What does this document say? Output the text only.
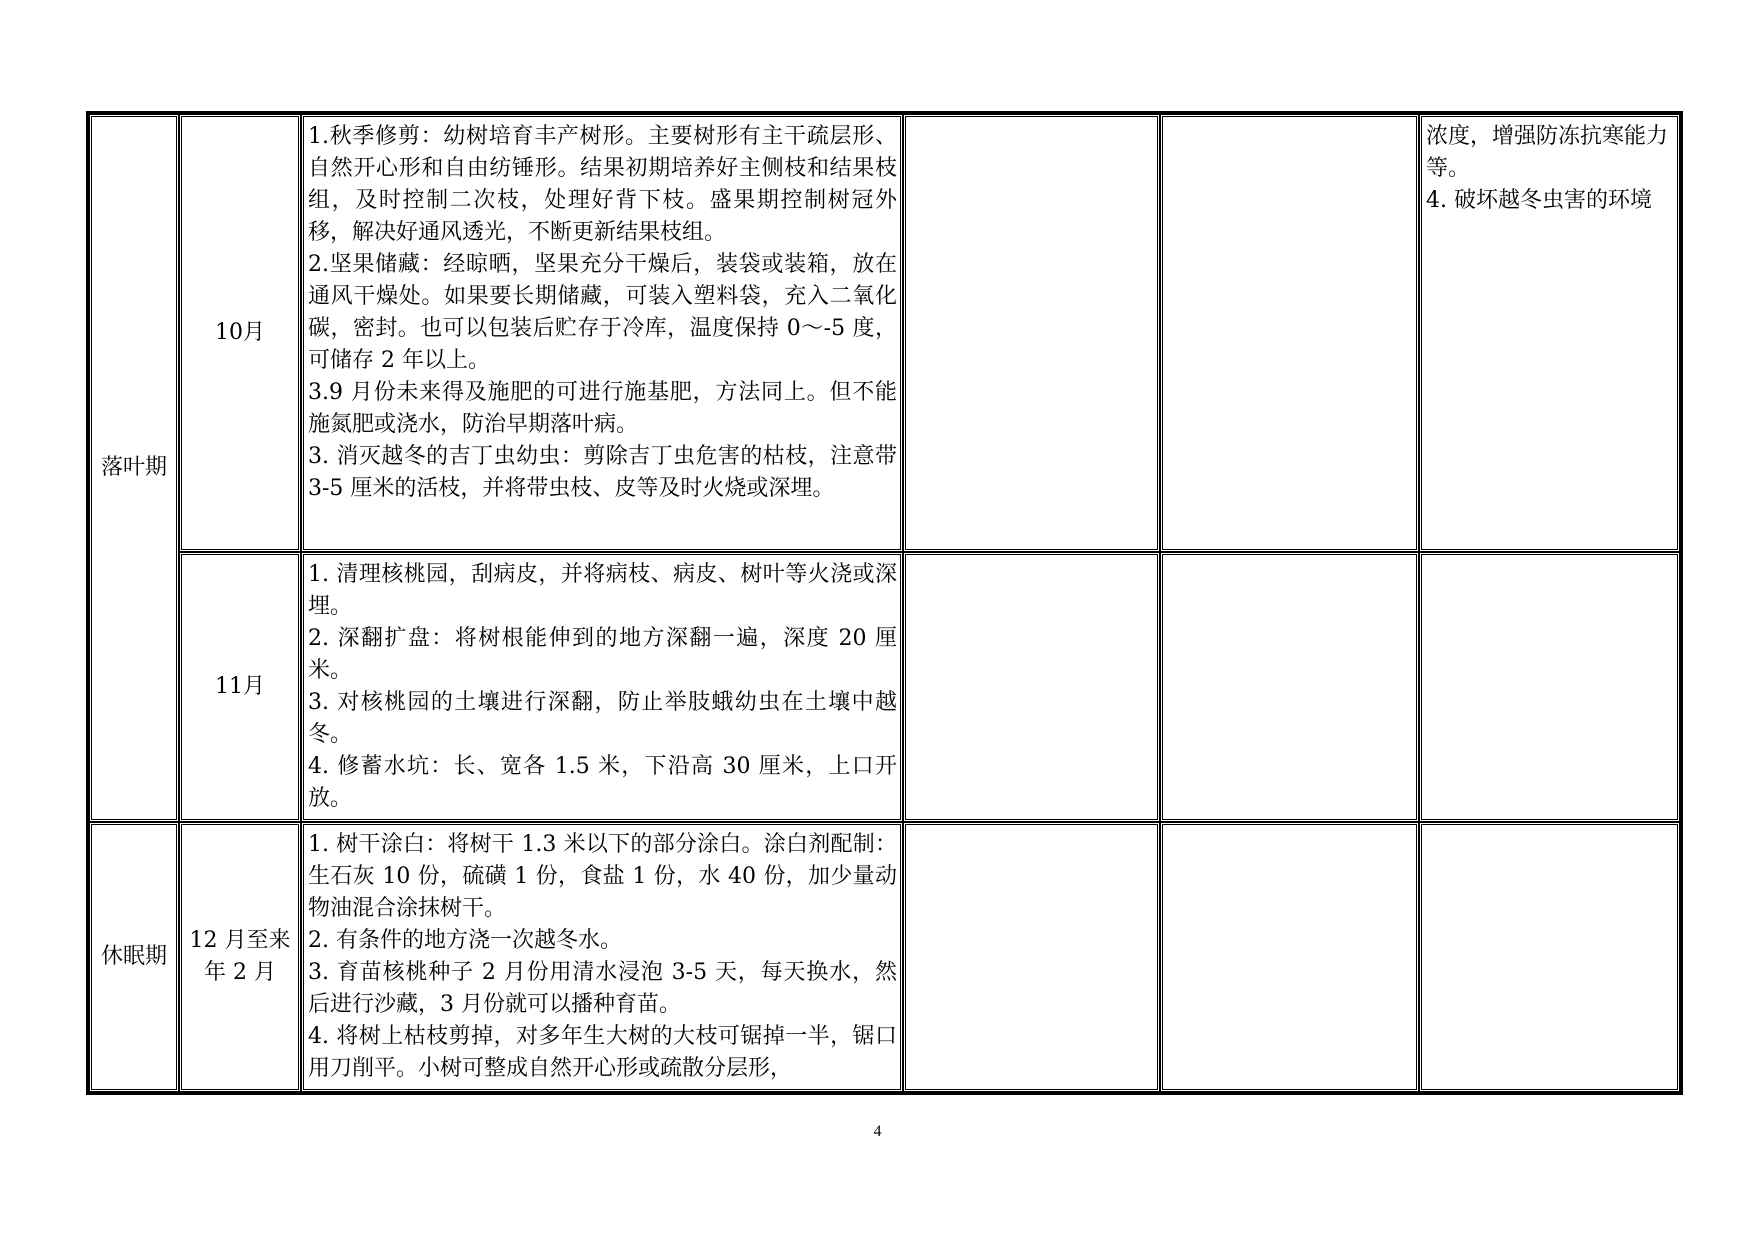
落叶期	10月	1.秋季修剪：幼树培育丰产树形。主要树形有主干疏层形、自然开心形和自由纺锤形。结果初期培养好主侧枝和结果枝组，及时控制二次枝，处理好背下枝。盛果期控制树冠外移，解决好通风透光，不断更新结果枝组。
2.坚果储藏：经晾晒，坚果充分干燥后，装袋或装箱，放在通风干燥处。如果要长期储藏，可装入塑料袋，充入二氧化碳，密封。也可以包装后贮存于冷库，温度保持 0～-5 度，可储存 2 年以上。
3.9 月份未来得及施肥的可进行施基肥，方法同上。但不能施氮肥或浇水，防治早期落叶病。
3. 消灭越冬的吉丁虫幼虫：剪除吉丁虫危害的枯枝，注意带 3-5 厘米的活枝，并将带虫枝、皮等及时火烧或深埋。			浓度，增强防冻抗寒能力等。
4. 破坏越冬虫害的环境

	11月	1. 清理核桃园，刮病皮，并将病枝、病皮、树叶等火浇或深埋。
2. 深翻扩盘：将树根能伸到的地方深翻一遍，深度 20 厘米。
3. 对核桃园的土壤进行深翻，防止举肢蛾幼虫在土壤中越冬。
4. 修蓄水坑：长、宽各 1.5 米，下沿高 30 厘米，上口开放。			

休眠期	12 月至来年 2 月	1. 树干涂白：将树干 1.3 米以下的部分涂白。涂白剂配制：生石灰 10 份，硫磺 1 份，食盐 1 份，水 40 份，加少量动物油混合涂抹树干。
2. 有条件的地方浇一次越冬水。
3. 育苗核桃种子 2 月份用清水浸泡 3-5 天，每天换水，然后进行沙藏，3 月份就可以播种育苗。
4. 将树上枯枝剪掉，对多年生大树的大枝可锯掉一半，锯口用刀削平。小树可整成自然开心形或疏散分层形，			

4
